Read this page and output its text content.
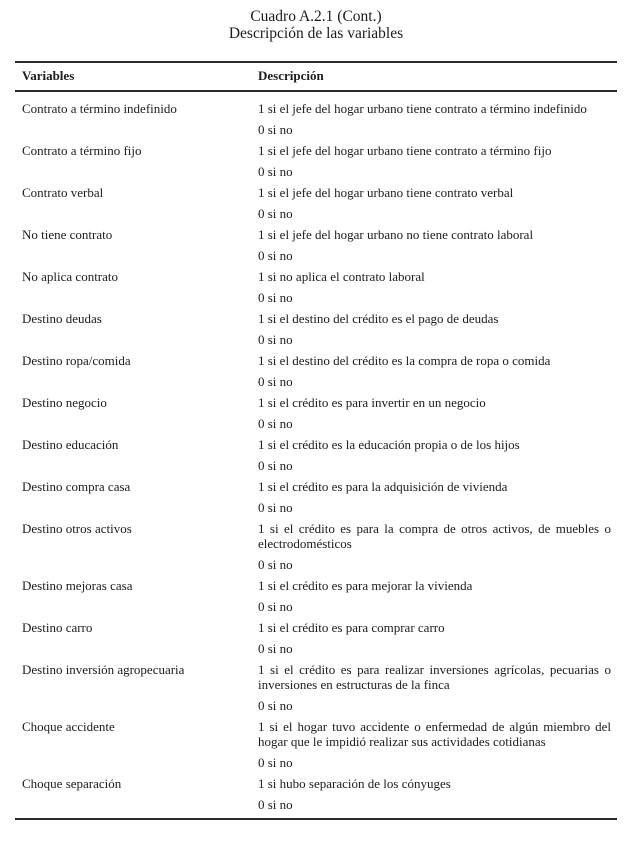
Cuadro A.2.1 (Cont.)
Descripción de las variables
Variables	Descripción
Contrato a término indefinido	1 si el jefe del hogar urbano tiene contrato a término indefinido
0 si no
Contrato a término fijo	1 si el jefe del hogar urbano tiene contrato a término fijo
0 si no
Contrato verbal	1 si el jefe del hogar urbano tiene contrato verbal
0 si no
No tiene contrato	1 si el jefe del hogar urbano no tiene contrato laboral
0 si no
No aplica contrato	1 si no aplica el contrato laboral
0 si no
Destino deudas	1 si el destino del crédito es el pago de deudas
0 si no
Destino ropa/comida	1 si el destino del crédito es la compra de ropa o comida
0 si no
Destino negocio	1 si el crédito es para invertir en un negocio
0 si no
Destino educación	1 si el crédito es la educación propia o de los hijos
0 si no
Destino compra casa	1 si el crédito es para la adquisición de vivienda
0 si no
Destino otros activos	1 si el crédito es para la compra de otros activos, de muebles o electrodomésticos
0 si no
Destino mejoras casa	1 si el crédito es para mejorar la vivienda
0 si no
Destino carro	1 si el crédito es para comprar carro
0 si no
Destino inversión agropecuaria	1 si el crédito es para realizar inversiones agrícolas, pecuarias o inversiones en estructuras de la finca
0 si no
Choque accidente	1 si el hogar tuvo accidente o enfermedad de algún miembro del hogar que le impidió realizar sus actividades cotidianas
0 si no
Choque separación	1 si hubo separación de los cónyuges
0 si no
